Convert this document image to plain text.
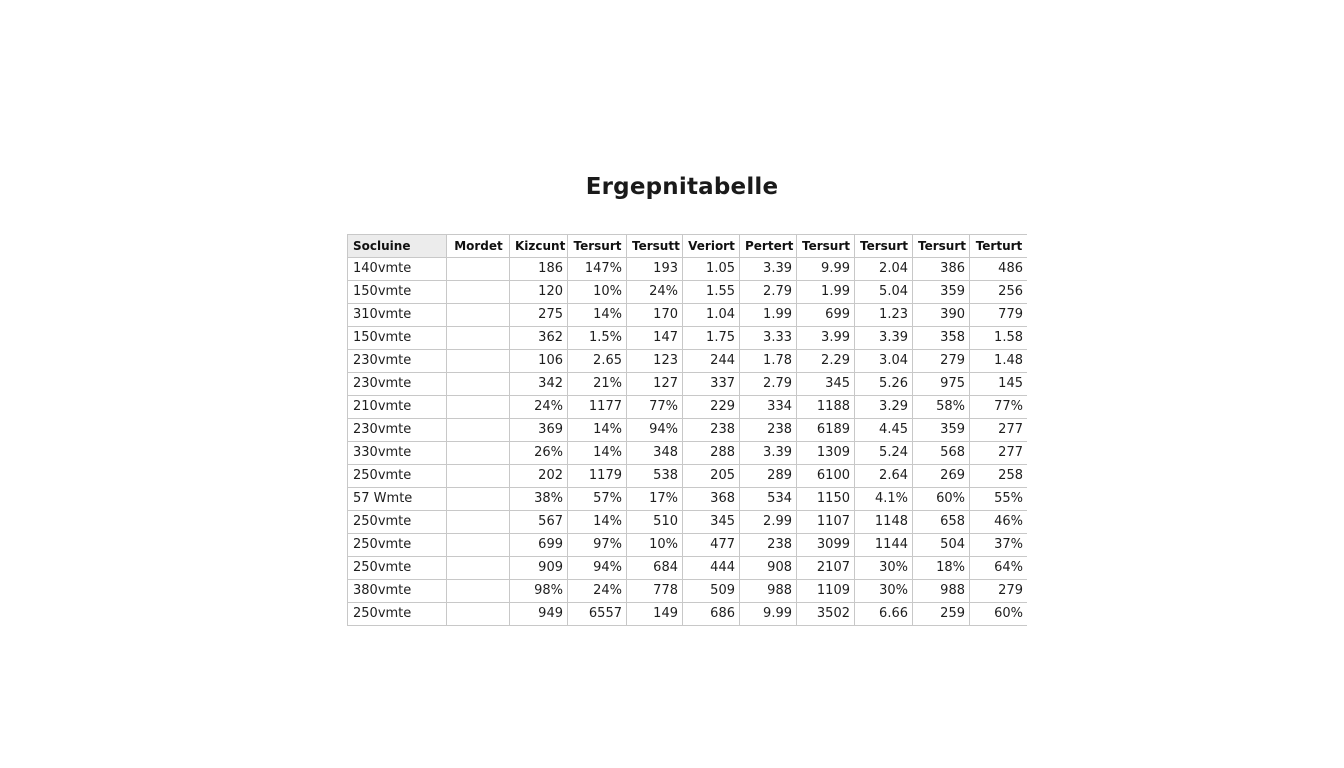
Ergepnitabelle
Socluine	Mordet	Kizcunt	Tersurt	Tersutt	Veriort	Pertert	Tersurt	Tersurt	Tersurt	Terturt
140vmte		186	147%	193	1.05	3.39	9.99	2.04	386	486
150vmte		120	10%	24%	1.55	2.79	1.99	5.04	359	256
310vmte		275	14%	170	1.04	1.99	699	1.23	390	779
150vmte		362	1.5%	147	1.75	3.33	3.99	3.39	358	1.58
230vmte		106	2.65	123	244	1.78	2.29	3.04	279	1.48
230vmte		342	21%	127	337	2.79	345	5.26	975	145
210vmte		24%	1177	77%	229	334	1188	3.29	58%	77%
230vmte		369	14%	94%	238	238	6189	4.45	359	277
330vmte		26%	14%	348	288	3.39	1309	5.24	568	277
250vmte		202	1179	538	205	289	6100	2.64	269	258
57 Wmte		38%	57%	17%	368	534	1150	4.1%	60%	55%
250vmte		567	14%	510	345	2.99	1107	1148	658	46%
250vmte		699	97%	10%	477	238	3099	1144	504	37%
250vmte		909	94%	684	444	908	2107	30%	18%	64%
380vmte		98%	24%	778	509	988	1109	30%	988	279
250vmte		949	6557	149	686	9.99	3502	6.66	259	60%
